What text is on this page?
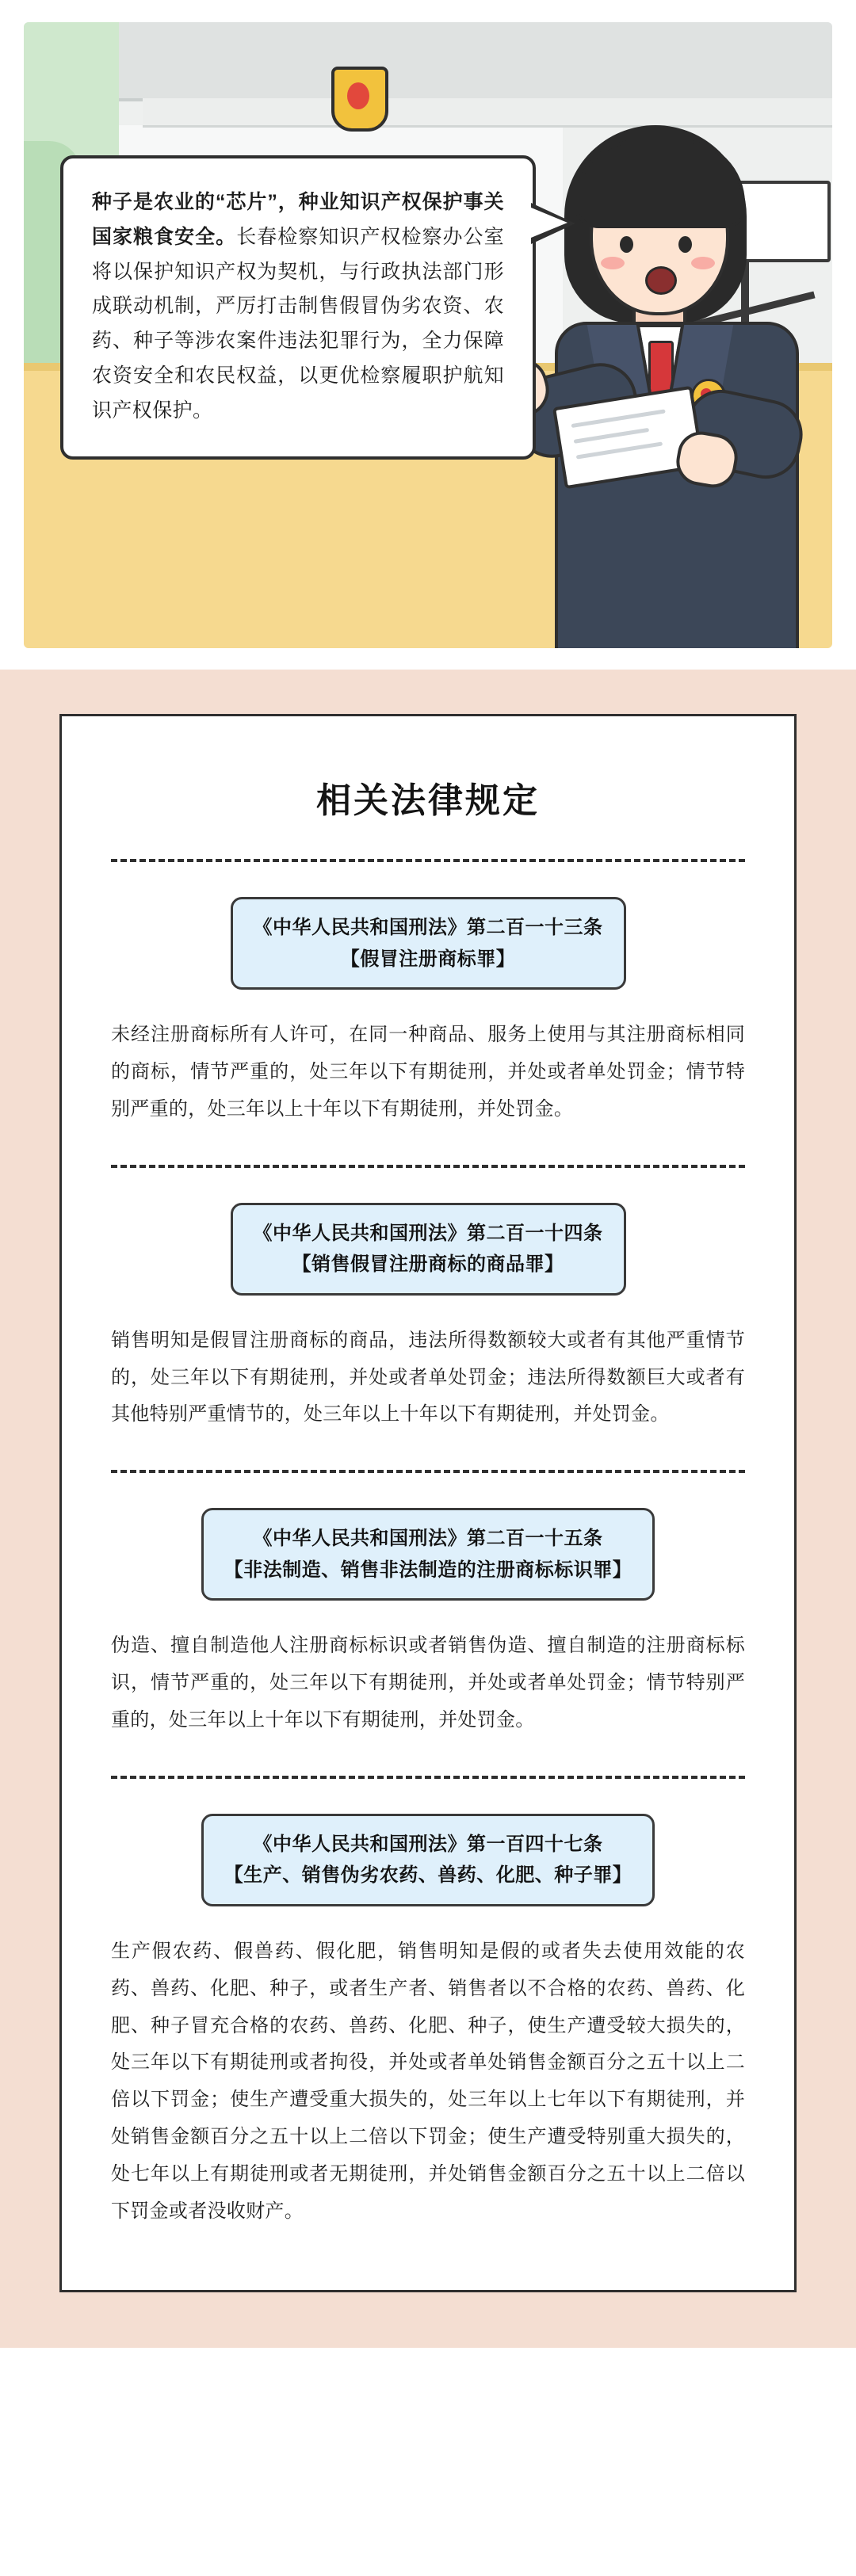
种子是农业的“芯片”，种业知识产权保护事关国家粮食安全。长春检察知识产权检察办公室将以保护知识产权为契机，与行政执法部门形成联动机制，严厉打击制售假冒伪劣农资、农药、种子等涉农案件违法犯罪行为，全力保障农资安全和农民权益，以更优检察履职护航知识产权保护。
相关法律规定
《中华人民共和国刑法》第二百一十三条
【假冒注册商标罪】

未经注册商标所有人许可，在同一种商品、服务上使用与其注册商标相同的商标，情节严重的，处三年以下有期徒刑，并处或者单处罚金；情节特别严重的，处三年以上十年以下有期徒刑，并处罚金。

《中华人民共和国刑法》第二百一十四条
【销售假冒注册商标的商品罪】

销售明知是假冒注册商标的商品，违法所得数额较大或者有其他严重情节的，处三年以下有期徒刑，并处或者单处罚金；违法所得数额巨大或者有其他特别严重情节的，处三年以上十年以下有期徒刑，并处罚金。

《中华人民共和国刑法》第二百一十五条
【非法制造、销售非法制造的注册商标标识罪】

伪造、擅自制造他人注册商标标识或者销售伪造、擅自制造的注册商标标识，情节严重的，处三年以下有期徒刑，并处或者单处罚金；情节特别严重的，处三年以上十年以下有期徒刑，并处罚金。

《中华人民共和国刑法》第一百四十七条
【生产、销售伪劣农药、兽药、化肥、种子罪】

生产假农药、假兽药、假化肥，销售明知是假的或者失去使用效能的农药、兽药、化肥、种子，或者生产者、销售者以不合格的农药、兽药、化肥、种子冒充合格的农药、兽药、化肥、种子，使生产遭受较大损失的，处三年以下有期徒刑或者拘役，并处或者单处销售金额百分之五十以上二倍以下罚金；使生产遭受重大损失的，处三年以上七年以下有期徒刑，并处销售金额百分之五十以上二倍以下罚金；使生产遭受特别重大损失的，处七年以上有期徒刑或者无期徒刑，并处销售金额百分之五十以上二倍以下罚金或者没收财产。
